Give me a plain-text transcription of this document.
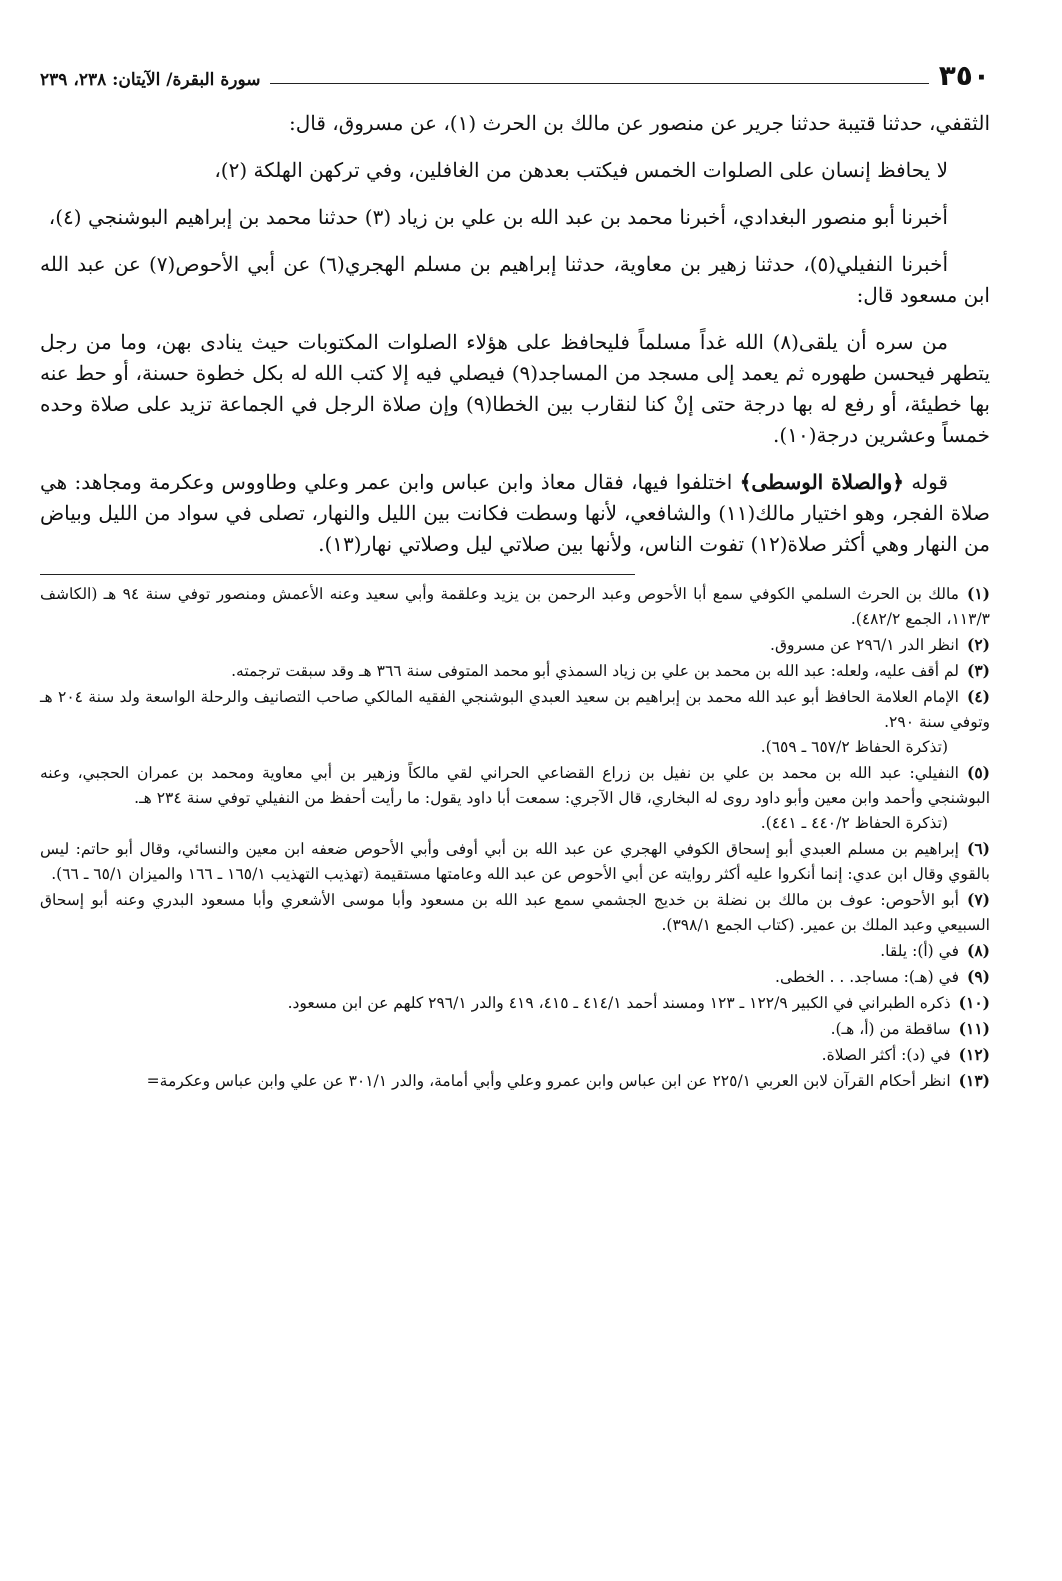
٣٥٠
سورة البقرة/ الآيتان: ٢٣٨، ٢٣٩

الثقفي، حدثنا قتيبة حدثنا جرير عن منصور عن مالك بن الحرث (١)، عن مسروق، قال:

لا يحافظ إنسان على الصلوات الخمس فيكتب بعدهن من الغافلين، وفي تركهن الهلكة (٢)،

أخبرنا أبو منصور البغدادي، أخبرنا محمد بن عبد الله بن علي بن زياد (٣) حدثنا محمد بن إبراهيم البوشنجي (٤)،

أخبرنا النفيلي(٥)، حدثنا زهير بن معاوية، حدثنا إبراهيم بن مسلم الهجري(٦) عن أبي الأحوص(٧) عن عبد الله ابن مسعود قال:

من سره أن يلقى(٨) الله غداً مسلماً فليحافظ على هؤلاء الصلوات المكتوبات حيث ينادى بهن، وما من رجل يتطهر فيحسن طهوره ثم يعمد إلى مسجد من المساجد(٩) فيصلي فيه إلا كتب الله له بكل خطوة حسنة، أو حط عنه بها خطيئة، أو رفع له بها درجة حتى إنْ كنا لنقارب بين الخطا(٩) وإن صلاة الرجل في الجماعة تزيد على صلاة وحده خمساً وعشرين درجة(١٠).

قوله ﴿والصلاة الوسطى﴾ اختلفوا فيها، فقال معاذ وابن عباس وابن عمر وعلي وطاووس وعكرمة ومجاهد: هي صلاة الفجر، وهو اختيار مالك(١١) والشافعي، لأنها وسطت فكانت بين الليل والنهار، تصلى في سواد من الليل وبياض من النهار وهي أكثر صلاة(١٢) تفوت الناس، ولأنها بين صلاتي ليل وصلاتي نهار(١٣).

(١)مالك بن الحرث السلمي الكوفي سمع أبا الأحوص وعبد الرحمن بن يزيد وعلقمة وأبي سعيد وعنه الأعمش ومنصور توفي سنة ٩٤ هـ (الكاشف ١١٣/٣، الجمع ٤٨٢/٢).

(٢)انظر الدر ٢٩٦/١ عن مسروق.

(٣)لم أقف عليه، ولعله: عبد الله بن محمد بن علي بن زياد السمذي أبو محمد المتوفى سنة ٣٦٦ هـ وقد سبقت ترجمته.

(٤)الإمام العلامة الحافظ أبو عبد الله محمد بن إبراهيم بن سعيد العبدي البوشنجي الفقيه المالكي صاحب التصانيف والرحلة الواسعة ولد سنة ٢٠٤ هـ وتوفي سنة ٢٩٠.

(تذكرة الحفاظ ٦٥٧/٢ ـ ٦٥٩).

(٥)النفيلي: عبد الله بن محمد بن علي بن نفيل بن زراع القضاعي الحراني لقي مالكاً وزهير بن أبي معاوية ومحمد بن عمران الحجبي، وعنه البوشنجي وأحمد وابن معين وأبو داود روى له البخاري، قال الآجري: سمعت أبا داود يقول: ما رأيت أحفظ من النفيلي توفي سنة ٢٣٤ هـ.

(تذكرة الحفاظ ٤٤٠/٢ ـ ٤٤١).

(٦)إبراهيم بن مسلم العبدي أبو إسحاق الكوفي الهجري عن عبد الله بن أبي أوفى وأبي الأحوص ضعفه ابن معين والنسائي، وقال أبو حاتم: ليس بالقوي وقال ابن عدي: إنما أنكروا عليه أكثر روايته عن أبي الأحوص عن عبد الله وعامتها مستقيمة (تهذيب التهذيب ١٦٥/١ ـ ١٦٦ والميزان ٦٥/١ ـ ٦٦).

(٧)أبو الأحوص: عوف بن مالك بن نضلة بن خديج الجشمي سمع عبد الله بن مسعود وأبا موسى الأشعري وأبا مسعود البدري وعنه أبو إسحاق السبيعي وعبد الملك بن عمير. (كتاب الجمع ٣٩٨/١).

(٨)في (أ): يلقا.

(٩)في (هـ): مساجد. . . الخطى.

(١٠)ذكره الطبراني في الكبير ١٢٢/٩ ـ ١٢٣ ومسند أحمد ٤١٤/١ ـ ٤١٥، ٤١٩ والدر ٢٩٦/١ كلهم عن ابن مسعود.

(١١)ساقطة من (أ، هـ).

(١٢)في (د): أكثر الصلاة.

(١٣)انظر أحكام القرآن لابن العربي ٢٢٥/١ عن ابن عباس وابن عمرو وعلي وأبي أمامة، والدر ٣٠١/١ عن علي وابن عباس وعكرمة=
